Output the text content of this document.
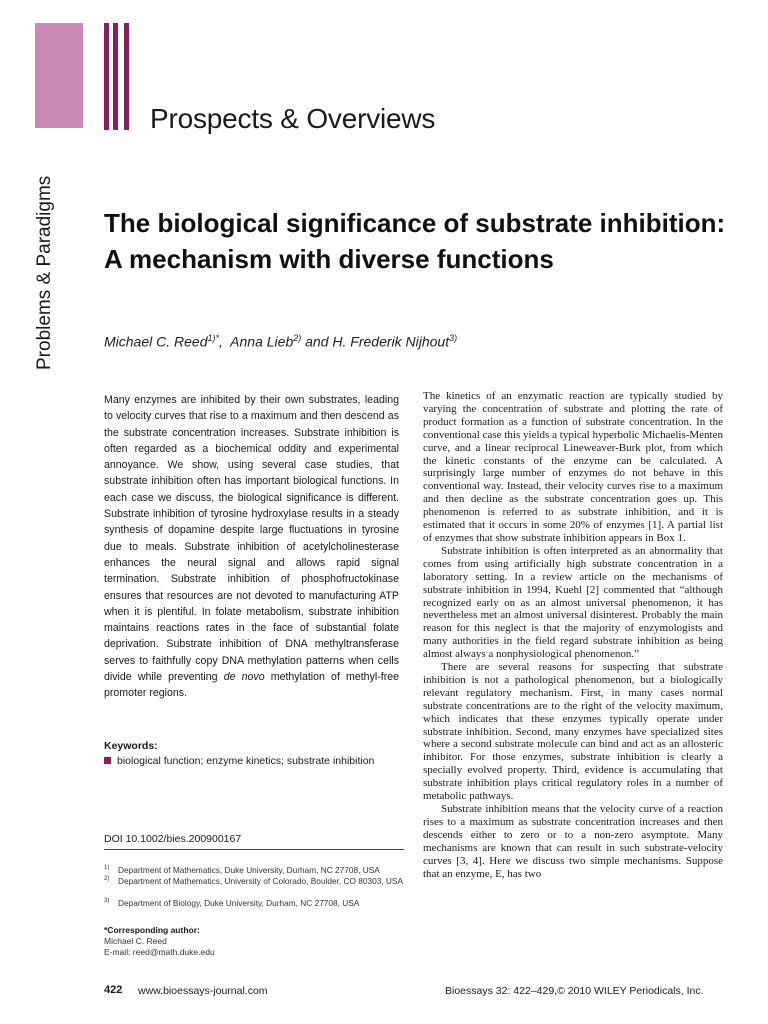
Prospects & Overviews
Problems & Paradigms The biological significance of substrate inhibition: A mechanism with diverse functions
Michael C. Reed$^{1)*}$,  Anna Lieb$^{2)}$ and H. Frederik Nijhout$^{3)}$

Many enzymes are inhibited by their own substrates, leading to velocity curves that rise to a maximum and then descend as the substrate concentration increases. Substrate inhibition is often regarded as a biochemical oddity and experimental annoyance. We show, using several case studies, that substrate inhibition often has important biological functions. In each case we discuss, the biological significance is different. Substrate inhibition of tyrosine hydroxylase results in a steady synthesis of dopamine despite large fluctuations in tyrosine due to meals. Substrate inhibition of acetylcholinesterase enhances the neural signal and allows rapid signal termination. Substrate inhibition of phosphofructokinase ensures that resources are not devoted to manufacturing ATP when it is plentiful. In folate metabolism, substrate inhibition maintains reactions rates in the face of substantial folate deprivation. Substrate inhibition of DNA methyltransferase serves to faithfully copy DNA methylation patterns when cells divide while preventing de novo methylation of methyl-free promoter regions.

Keywords:
biological function; enzyme kinetics; substrate inhibition
DOI 10.1002/bies.200900167
1)	Department of Mathematics, Duke University, Durham, NC 27708, USA
2)	Department of Mathematics, University of Colorado, Boulder, CO 80303, USA
3)	Department of Biology, Duke University, Durham, NC 27708, USA
*Corresponding author:
Michael C. Reed
E-mail: reed@math.duke.edu

The kinetics of an enzymatic reaction are typically studied by varying the concentration of substrate and plotting the rate of product formation as a function of substrate concentration. In the conventional case this yields a typical hyperbolic Michaelis-Menten curve, and a linear reciprocal Lineweaver-Burk plot, from which the kinetic constants of the enzyme can be calculated. A surprisingly large number of enzymes do not behave in this conventional way. Instead, their velocity curves rise to a maximum and then decline as the substrate concentration goes up. This phenomenon is referred to as substrate inhibition, and it is estimated that it occurs in some 20% of enzymes [1]. A partial list of enzymes that show substrate inhibition appears in Box 1.

Substrate inhibition is often interpreted as an abnormality that comes from using artificially high substrate concentration in a laboratory setting. In a review article on the mechanisms of substrate inhibition in 1994, Kuehl [2] commented that “although recognized early on as an almost universal phenomenon, it has nevertheless met an almost universal disinterest. Probably the main reason for this neglect is that the majority of enzymologists and many authorities in the field regard substrate inhibition as being almost always a nonphysiological phenomenon.”

There are several reasons for suspecting that substrate inhibition is not a pathological phenomenon, but a biologically relevant regulatory mechanism. First, in many cases normal substrate concentrations are to the right of the velocity maximum, which indicates that these enzymes typically operate under substrate inhibition. Second, many enzymes have specialized sites where a second substrate molecule can bind and act as an allosteric inhibitor. For those enzymes, substrate inhibition is clearly a specially evolved property. Third, evidence is accumulating that substrate inhibition plays critical regulatory roles in a number of metabolic pathways.

Substrate inhibition means that the velocity curve of a reaction rises to a maximum as substrate concentration increases and then descends either to zero or to a non-zero asymptote. Many mechanisms are known that can result in such substrate-velocity curves [3, 4]. Here we discuss two simple mechanisms. Suppose that an enzyme, E, has two

422 www.bioessays-journal.com	Bioessays 32: 422–429,© 2010 WILEY Periodicals, Inc.
